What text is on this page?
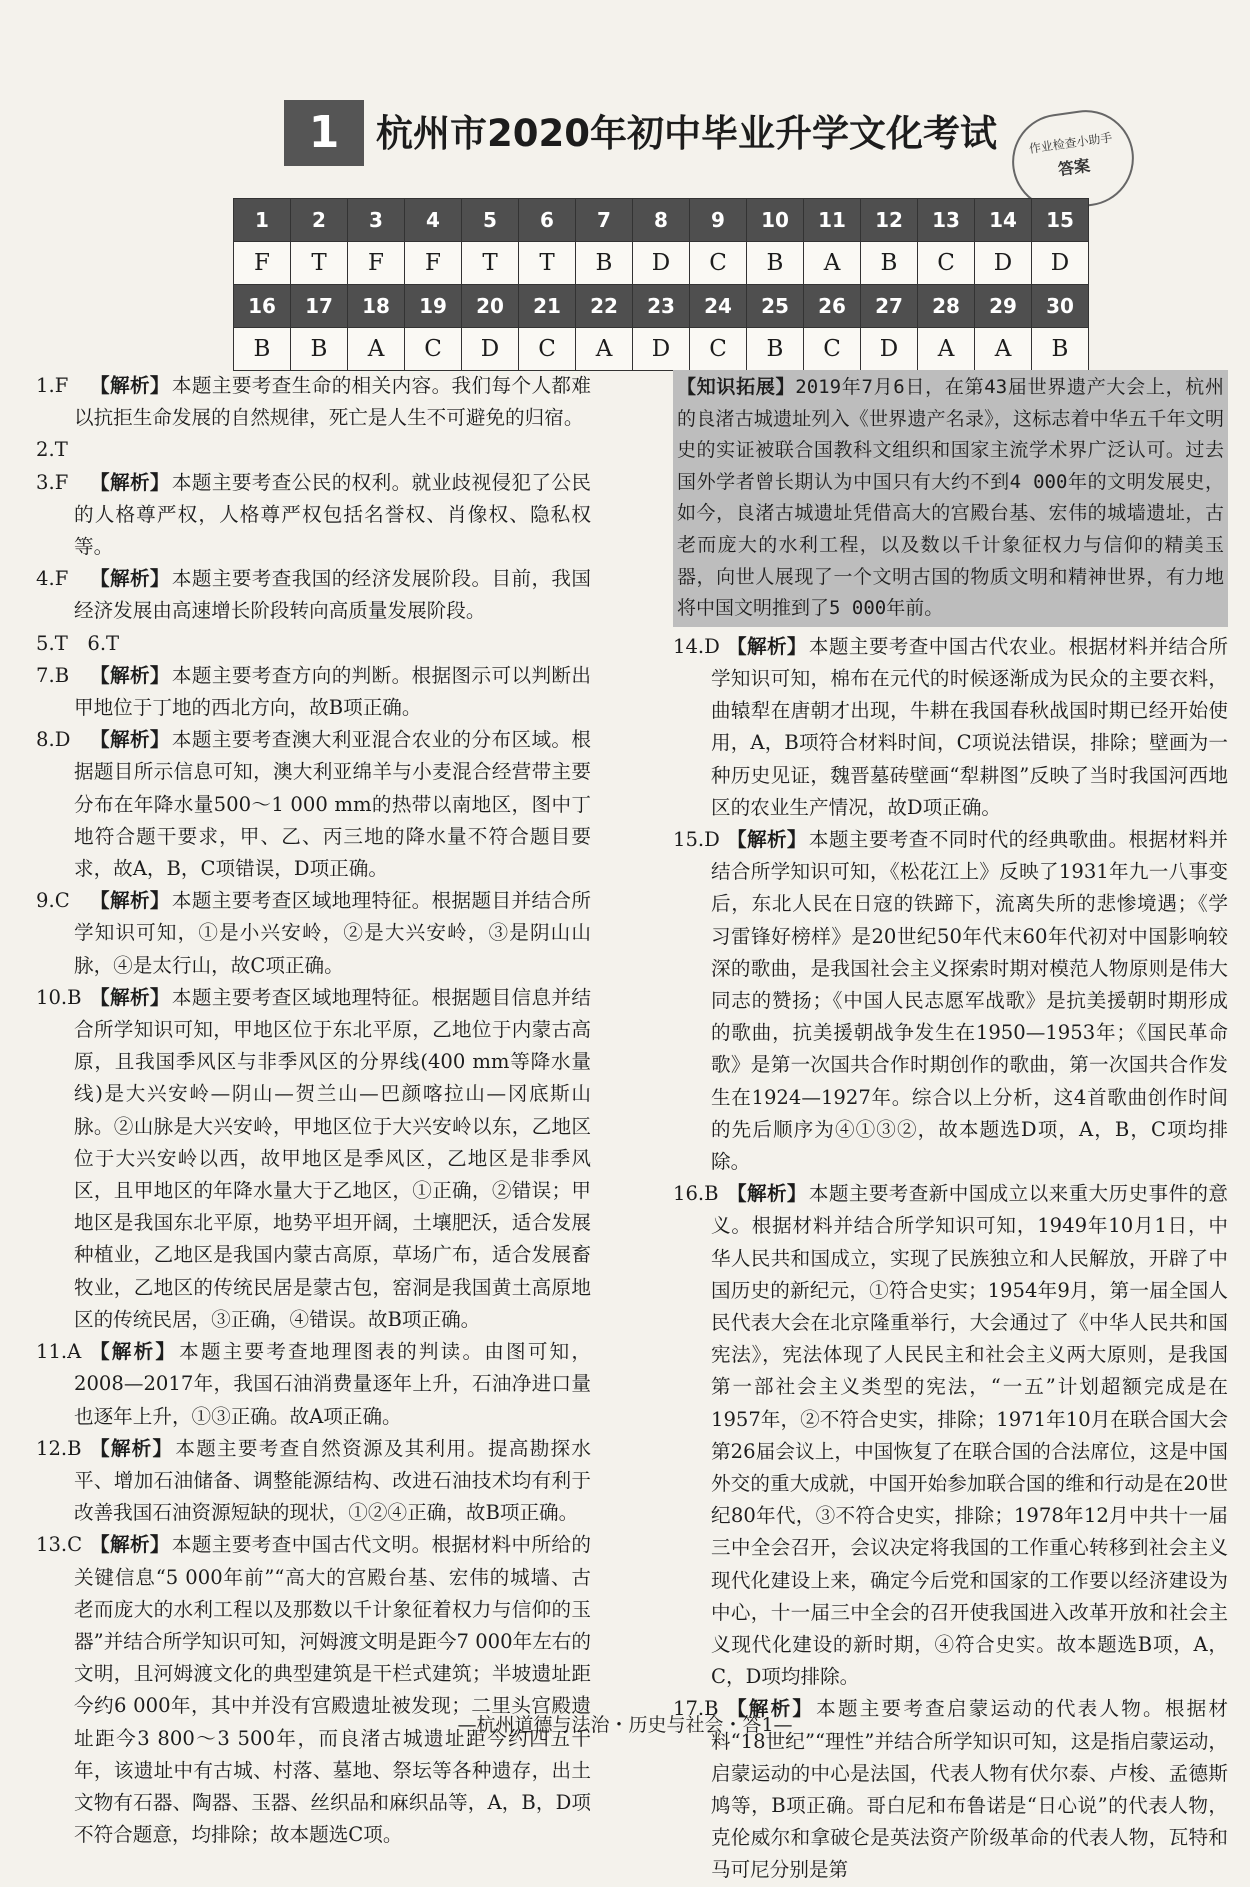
1 杭州市2020年初中毕业升学文化考试	作业检查小助手
答案
1	2	3	4	5	6	7	8	9	10	11	12	13	14	15
F	T	F	F	T	T	B	D	C	B	A	B	C	D	D
16	17	18	19	20	21	22	23	24	25	26	27	28	29	30
B	B	A	C	D	C	A	D	C	B	C	D	A	A	B

1.F 【解析】 本题主要考查生命的相关内容。我们每个人都难以抗拒生命发展的自然规律，死亡是人生不可避免的归宿。

2.T

3.F 【解析】 本题主要考查公民的权利。就业歧视侵犯了公民的人格尊严权，人格尊严权包括名誉权、肖像权、隐私权等。

4.F 【解析】 本题主要考查我国的经济发展阶段。目前，我国经济发展由高速增长阶段转向高质量发展阶段。

5.T　6.T

7.B 【解析】 本题主要考查方向的判断。根据图示可以判断出甲地位于丁地的西北方向，故B项正确。

8.D 【解析】 本题主要考查澳大利亚混合农业的分布区域。根据题目所示信息可知，澳大利亚绵羊与小麦混合经营带主要分布在年降水量500～1 000 mm的热带以南地区，图中丁地符合题干要求，甲、乙、丙三地的降水量不符合题目要求，故A，B，C项错误，D项正确。

9.C 【解析】 本题主要考查区域地理特征。根据题目并结合所学知识可知，①是小兴安岭，②是大兴安岭，③是阴山山脉，④是太行山，故C项正确。

10.B 【解析】 本题主要考查区域地理特征。根据题目信息并结合所学知识可知，甲地区位于东北平原，乙地位于内蒙古高原，且我国季风区与非季风区的分界线(400 mm等降水量线)是大兴安岭—阴山—贺兰山—巴颜喀拉山—冈底斯山脉。②山脉是大兴安岭，甲地区位于大兴安岭以东，乙地区位于大兴安岭以西，故甲地区是季风区，乙地区是非季风区，且甲地区的年降水量大于乙地区，①正确，②错误；甲地区是我国东北平原，地势平坦开阔，土壤肥沃，适合发展种植业，乙地区是我国内蒙古高原，草场广布，适合发展畜牧业，乙地区的传统民居是蒙古包，窑洞是我国黄土高原地区的传统民居，③正确，④错误。故B项正确。

11.A 【解析】 本题主要考查地理图表的判读。由图可知，2008—2017年，我国石油消费量逐年上升，石油净进口量也逐年上升，①③正确。故A项正确。

12.B 【解析】 本题主要考查自然资源及其利用。提高勘探水平、增加石油储备、调整能源结构、改进石油技术均有利于改善我国石油资源短缺的现状，①②④正确，故B项正确。

13.C 【解析】 本题主要考查中国古代文明。根据材料中所给的关键信息“5 000年前”“高大的宫殿台基、宏伟的城墙、古老而庞大的水利工程以及那数以千计象征着权力与信仰的玉器”并结合所学知识可知，河姆渡文明是距今7 000年左右的文明，且河姆渡文化的典型建筑是干栏式建筑；半坡遗址距今约6 000年，其中并没有宫殿遗址被发现；二里头宫殿遗址距今3 800～3 500年，而良渚古城遗址距今约四五千年，该遗址中有古城、村落、墓地、祭坛等各种遗存，出土文物有石器、陶器、玉器、丝织品和麻织品等，A，B，D项不符合题意，均排除；故本题选C项。

【知识拓展】2019年7月6日，在第43届世界遗产大会上，杭州的良渚古城遗址列入《世界遗产名录》，这标志着中华五千年文明史的实证被联合国教科文组织和国家主流学术界广泛认可。过去国外学者曾长期认为中国只有大约不到4 000年的文明发展史，如今，良渚古城遗址凭借高大的宫殿台基、宏伟的城墙遗址，古老而庞大的水利工程，以及数以千计象征权力与信仰的精美玉器，向世人展现了一个文明古国的物质文明和精神世界，有力地将中国文明推到了5 000年前。

14.D 【解析】 本题主要考查中国古代农业。根据材料并结合所学知识可知，棉布在元代的时候逐渐成为民众的主要衣料，曲辕犁在唐朝才出现，牛耕在我国春秋战国时期已经开始使用，A，B项符合材料时间，C项说法错误，排除；壁画为一种历史见证，魏晋墓砖壁画“犁耕图”反映了当时我国河西地区的农业生产情况，故D项正确。

15.D 【解析】 本题主要考查不同时代的经典歌曲。根据材料并结合所学知识可知，《松花江上》反映了1931年九一八事变后，东北人民在日寇的铁蹄下，流离失所的悲惨境遇；《学习雷锋好榜样》是20世纪50年代末60年代初对中国影响较深的歌曲，是我国社会主义探索时期对模范人物原则是伟大同志的赞扬；《中国人民志愿军战歌》是抗美援朝时期形成的歌曲，抗美援朝战争发生在1950—1953年；《国民革命歌》是第一次国共合作时期创作的歌曲，第一次国共合作发生在1924—1927年。综合以上分析，这4首歌曲创作时间的先后顺序为④①③②，故本题选D项，A，B，C项均排除。

16.B 【解析】 本题主要考查新中国成立以来重大历史事件的意义。根据材料并结合所学知识可知，1949年10月1日，中华人民共和国成立，实现了民族独立和人民解放，开辟了中国历史的新纪元，①符合史实；1954年9月，第一届全国人民代表大会在北京隆重举行，大会通过了《中华人民共和国宪法》，宪法体现了人民民主和社会主义两大原则，是我国第一部社会主义类型的宪法，“一五”计划超额完成是在1957年，②不符合史实，排除；1971年10月在联合国大会第26届会议上，中国恢复了在联合国的合法席位，这是中国外交的重大成就，中国开始参加联合国的维和行动是在20世纪80年代，③不符合史实，排除；1978年12月中共十一届三中全会召开，会议决定将我国的工作重心转移到社会主义现代化建设上来，确定今后党和国家的工作要以经济建设为中心，十一届三中全会的召开使我国进入改革开放和社会主义现代化建设的新时期，④符合史实。故本题选B项，A，C，D项均排除。

17.B 【解析】 本题主要考查启蒙运动的代表人物。根据材料“18世纪”“理性”并结合所学知识可知，这是指启蒙运动，启蒙运动的中心是法国，代表人物有伏尔泰、卢梭、孟德斯鸠等，B项正确。哥白尼和布鲁诺是“日心说”的代表人物，克伦威尔和拿破仑是英法资产阶级革命的代表人物，瓦特和马可尼分别是第

—杭州道德与法治・历史与社会・答1—
